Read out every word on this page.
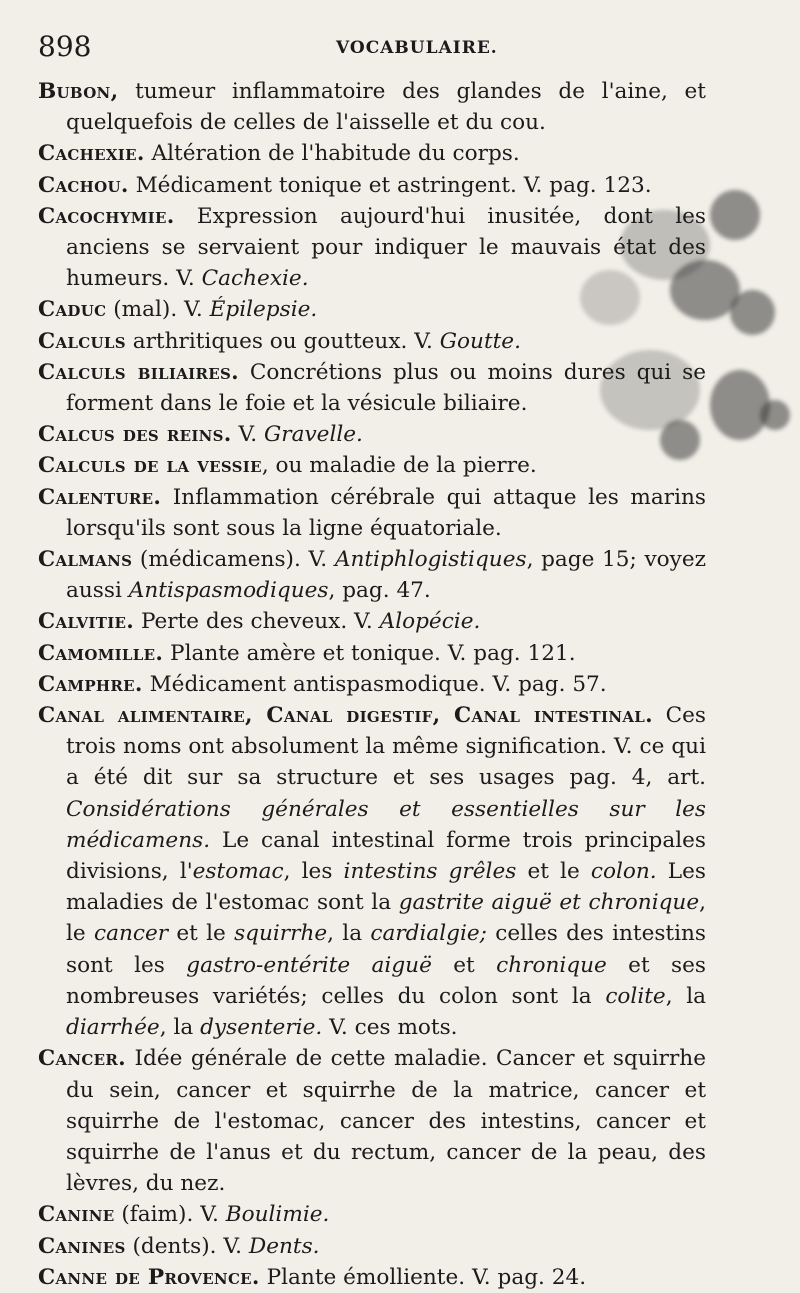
898	VOCABULAIRE.

Bubon, tumeur inflammatoire des glandes de l'aine, et quelquefois de celles de l'aisselle et du cou.

Cachexie. Altération de l'habitude du corps.

Cachou. Médicament tonique et astringent. V. pag. 123.

Cacochymie. Expression aujourd'hui inusitée, dont les anciens se servaient pour indiquer le mauvais état des humeurs. V. Cachexie.

Caduc (mal). V. Épilepsie.

Calculs arthritiques ou goutteux. V. Goutte.

Calculs biliaires. Concrétions plus ou moins dures qui se forment dans le foie et la vésicule biliaire.

Calcus des reins. V. Gravelle.

Calculs de la vessie, ou maladie de la pierre.

Calenture. Inflammation cérébrale qui attaque les marins lorsqu'ils sont sous la ligne équatoriale.

Calmans (médicamens). V. Antiphlogistiques, page 15; voyez aussi Antispasmodiques, pag. 47.

Calvitie. Perte des cheveux. V. Alopécie.

Camomille. Plante amère et tonique. V. pag. 121.

Camphre. Médicament antispasmodique. V. pag. 57.

Canal alimentaire, Canal digestif, Canal intestinal. Ces trois noms ont absolument la même signification. V. ce qui a été dit sur sa structure et ses usages pag. 4, art. Considérations générales et essentielles sur les médicamens. Le canal intestinal forme trois principales divisions, l'estomac, les intestins grêles et le colon. Les maladies de l'estomac sont la gastrite aiguë et chronique, le cancer et le squirrhe, la cardialgie; celles des intestins sont les gastro-entérite aiguë et chronique et ses nombreuses variétés; celles du colon sont la colite, la diarrhée, la dysenterie. V. ces mots.

Cancer. Idée générale de cette maladie. Cancer et squirrhe du sein, cancer et squirrhe de la matrice, cancer et squirrhe de l'estomac, cancer des intestins, cancer et squirrhe de l'anus et du rectum, cancer de la peau, des lèvres, du nez.

Canine (faim). V. Boulimie.

Canines (dents). V. Dents.

Canne de Provence. Plante émolliente. V. pag. 24.
